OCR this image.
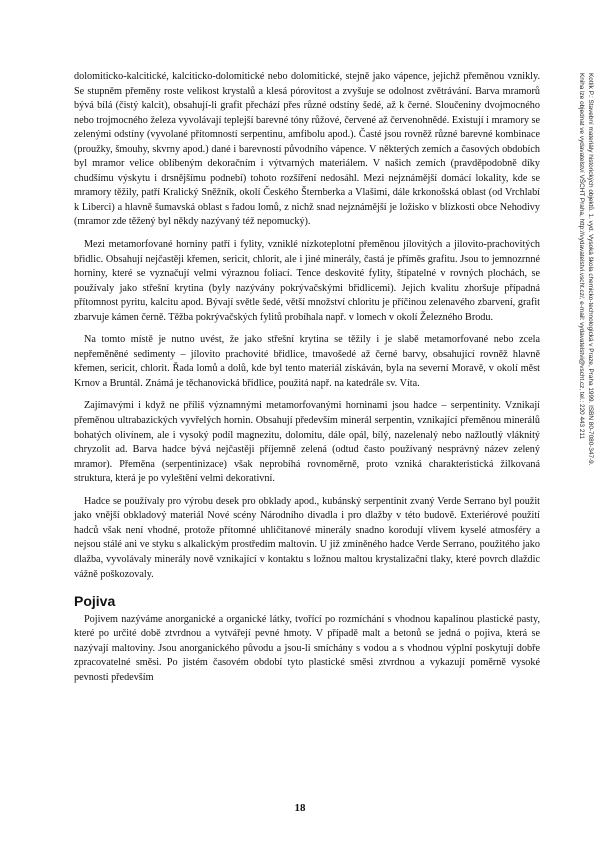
dolomiticko-kalcitické, kalciticko-dolomitické nebo dolomitické, stejně jako vápence, jejichž přeměnou vznikly. Se stupněm přeměny roste velikost krystalů a klesá pórovitost a zvyšuje se odolnost zvětrávání. Barva mramorů bývá bílá (čistý kalcit), obsahují-li grafit přechází přes různé odstíny šedé, až k černé. Sloučeniny dvojmocného nebo trojmocného železa vyvolávají teplejší barevné tóny růžové, červené až červenohnědé. Existují i mramory se zelenými odstíny (vyvolané přítomností serpentinu, amfibolu apod.). Časté jsou rovněž různé barevné kombinace (proužky, šmouhy, skvrny apod.) dané i barevností původního vápence. V některých zemích a časových obdobích byl mramor velice oblíbeným dekoračním i výtvarných materiálem. V našich zemích (pravděpodobně díky chudšímu výskytu i drsnějšímu podnebí) tohoto rozšíření nedosáhl. Mezi nejznámější domácí lokality, kde se mramory těžily, patří Kralický Sněžník, okolí Českého Šternberka a Vlašimi, dále krkonošská oblast (od Vrchlabí k Liberci) a hlavně šumavská oblast s řadou lomů, z nichž snad nejznámější je ložisko v blízkosti obce Nehodivy (mramor zde těžený byl někdy nazývaný též nepomucký).

Mezi metamorfované horniny patří i fylity, vzniklé nízkoteplotní přeměnou jílovitých a jilovito-prachovitých břidlic. Obsahují nejčastěji křemen, sericit, chlorit, ale i jiné minerály, častá je příměs grafitu. Jsou to jemnozrnné horniny, které se vyznačují velmi výraznou foliací. Tence deskovité fylity, štípatelné v rovných plochách, se používaly jako střešní krytina (byly nazývány pokrývačskými břidlicemi). Jejich kvalitu zhoršuje případná přítomnost pyritu, kalcitu apod. Bývají světle šedé, větší množství chloritu je příčinou zelenavého zbarvení, grafit zbarvuje kámen černě. Těžba pokrývačských fylitů probíhala např. v lomech v okolí Železného Brodu.

Na tomto místě je nutno uvést, že jako střešní krytina se těžily i je slabě metamorfované nebo zcela nepřeměněné sedimenty – jílovito prachovité břidlice, tmavošedé až černé barvy, obsahující rovněž hlavně křemen, sericit, chlorit. Řada lomů a dolů, kde byl tento materiál získáván, byla na severní Moravě, v okolí měst Krnov a Bruntál. Známá je těchanovická břidlice, použitá např. na katedrále sv. Víta.

Zajímavými i když ne příliš významnými metamorfovanými horninami jsou hadce – serpentinity. Vznikají přeměnou ultrabazických vyvřelých hornin. Obsahují především minerál serpentin, vznikající přeměnou minerálů bohatých olivínem, ale i vysoký podíl magnezitu, dolomitu, dále opál, bílý, nazelenalý nebo nažloutlý vláknitý chryzolit ad. Barva hadce bývá nejčastěji příjemně zelená (odtud často používaný nesprávný název zelený mramor). Přeměna (serpentinizace) však neprobíhá rovnoměrně, proto vzniká charakteristická žilkovaná struktura, která je po vyleštění velmi dekorativní.

Hadce se používaly pro výrobu desek pro obklady apod., kubánský serpentinit zvaný Verde Serrano byl použit jako vnější obkladový materiál Nové scény Národního divadla i pro dlažby v této budově. Exteriérové použití hadců však není vhodné, protože přítomné uhličitanové minerály snadno korodují vlivem kyselé atmosféry a nejsou stálé ani ve styku s alkalickým prostředím maltovin. U již zmíněného hadce Verde Serrano, použitého jako dlažba, vyvolávaly minerály nově vznikající v kontaktu s ložnou maltou krystalizační tlaky, které povrch dlaždic vážně poškozovaly.

Pojiva

Pojivem nazýváme anorganické a organické látky, tvořící po rozmíchání s vhodnou kapalinou plastické pasty, které po určité době ztvrdnou a vytvářejí pevné hmoty. V případě malt a betonů se jedná o pojiva, která se nazývají maltoviny. Jsou anorganického původu a jsou-li smíchány s vodou a s vhodnou výplní poskytují dobře zpracovatelné směsi. Po jistém časovém období tyto plastické směsi ztvrdnou a vykazují poměrně vysoké pevnosti především

Kotlík P.: Stavební materiály historických objektů. 1. vyd. Vysoká škola chemicko-technologická v Praze, Praha 1999. ISBN 80-7080-347-9.
Kniha lze objednat ve vydavatelství VŠCHT Praha, http://vydavatelstvi.vscht.cz/, e-mail: vydavatelstvi@vscht.cz, tel.: 220 443 211
18
